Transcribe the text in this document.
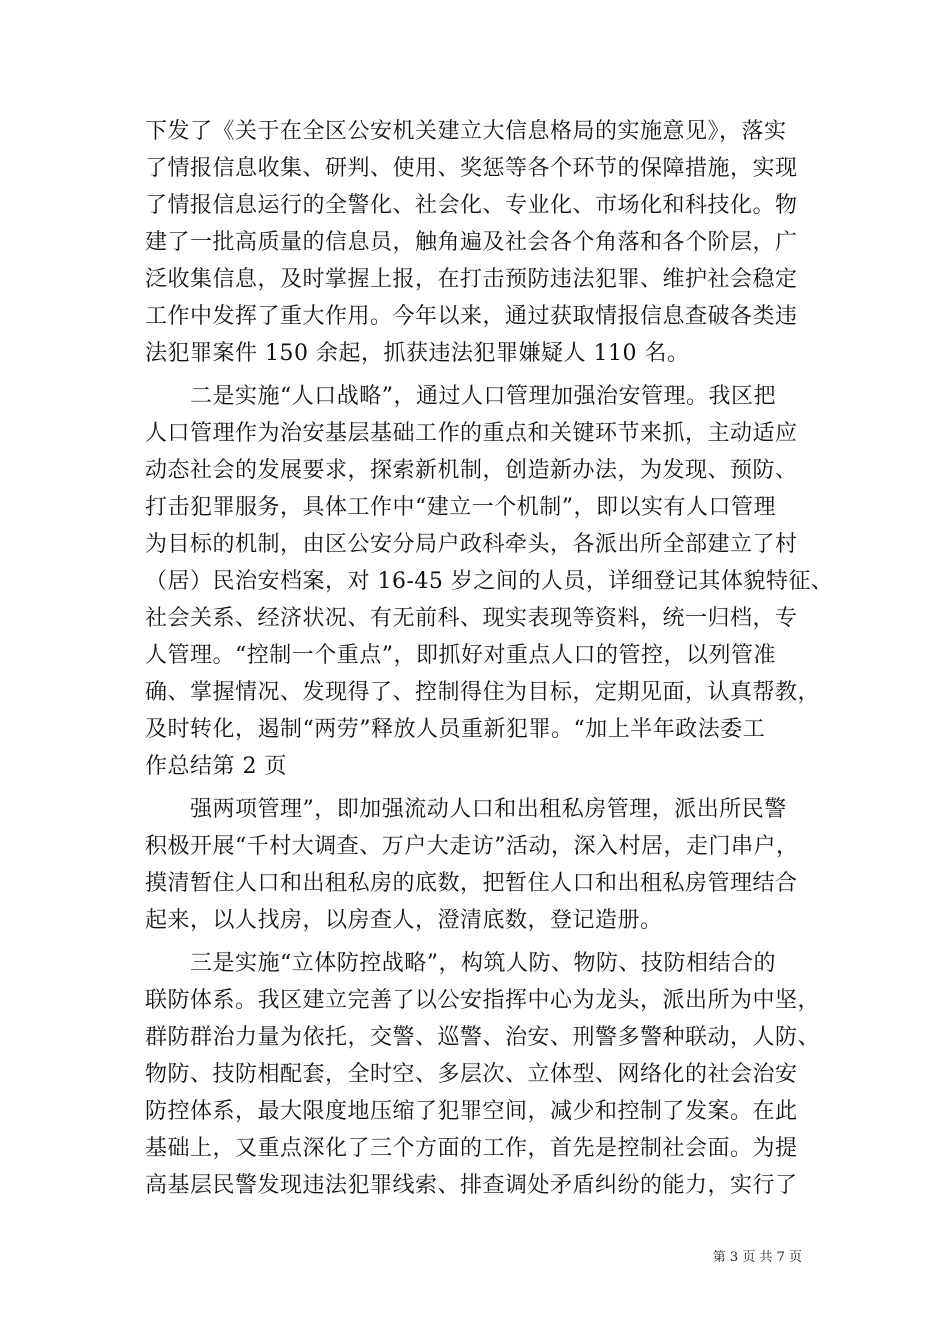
下发了《关于在全区公安机关建立大信息格局的实施意见》，落实
了情报信息收集、研判、使用、奖惩等各个环节的保障措施，实现
了情报信息运行的全警化、社会化、专业化、市场化和科技化。物
建了一批高质量的信息员，触角遍及社会各个角落和各个阶层，广
泛收集信息，及时掌握上报，在打击预防违法犯罪、维护社会稳定
工作中发挥了重大作用。今年以来，通过获取情报信息查破各类违
法犯罪案件 150 余起，抓获违法犯罪嫌疑人 110 名。
　　二是实施“人口战略”，通过人口管理加强治安管理。我区把
人口管理作为治安基层基础工作的重点和关键环节来抓，主动适应
动态社会的发展要求，探索新机制，创造新办法，为发现、预防、
打击犯罪服务，具体工作中“建立一个机制”，即以实有人口管理
为目标的机制，由区公安分局户政科牵头，各派出所全部建立了村
（居）民治安档案，对 16-45 岁之间的人员，详细登记其体貌特征、
社会关系、经济状况、有无前科、现实表现等资料，统一归档，专
人管理。“控制一个重点”，即抓好对重点人口的管控，以列管准
确、掌握情况、发现得了、控制得住为目标，定期见面，认真帮教，
及时转化，遏制“两劳”释放人员重新犯罪。“加上半年政法委工
作总结第 2 页
　　强两项管理”，即加强流动人口和出租私房管理，派出所民警
积极开展“千村大调查、万户大走访”活动，深入村居，走门串户，
摸清暂住人口和出租私房的底数，把暂住人口和出租私房管理结合
起来，以人找房，以房查人，澄清底数，登记造册。
　　三是实施“立体防控战略”，构筑人防、物防、技防相结合的
联防体系。我区建立完善了以公安指挥中心为龙头，派出所为中坚，
群防群治力量为依托，交警、巡警、治安、刑警多警种联动，人防、
物防、技防相配套，全时空、多层次、立体型、网络化的社会治安
防控体系，最大限度地压缩了犯罪空间，减少和控制了发案。在此
基础上，又重点深化了三个方面的工作，首先是控制社会面。为提
高基层民警发现违法犯罪线索、排查调处矛盾纠纷的能力，实行了
第 3 页 共 7 页
